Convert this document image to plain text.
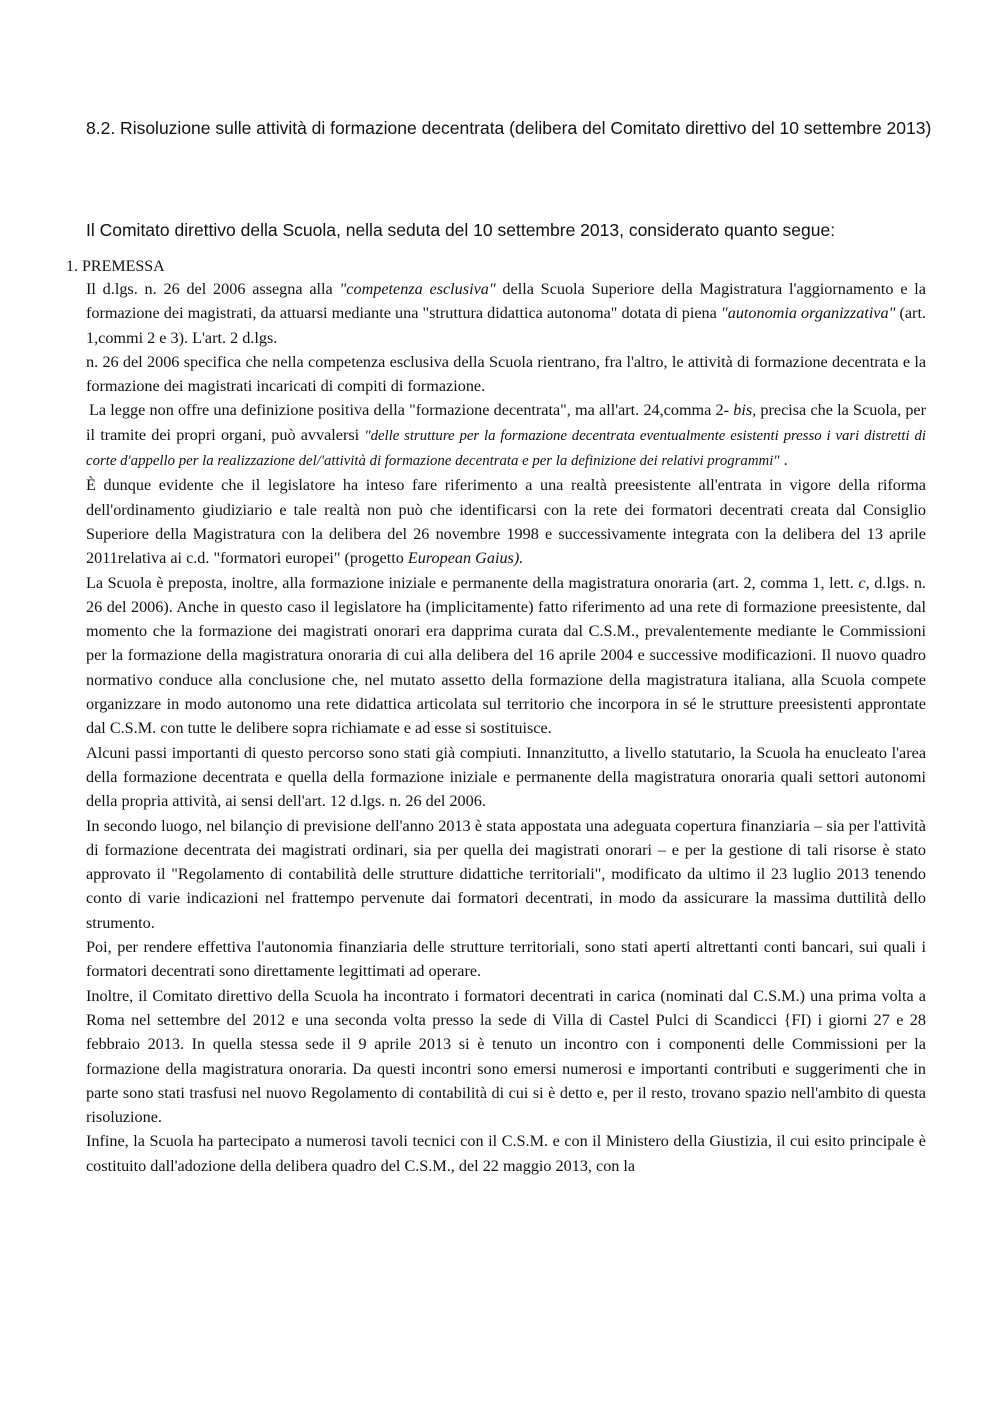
8.2. Risoluzione sulle attività di formazione decentrata (delibera del Comitato direttivo del 10 settembre 2013)
Il Comitato direttivo della Scuola, nella seduta del 10 settembre 2013, considerato quanto segue:
1. PREMESSA

Il d.lgs. n. 26 del 2006 assegna alla "competenza esclusiva" della Scuola Superiore della Magistratura l'aggiornamento e la formazione dei magistrati, da attuarsi mediante una "struttura didattica autonoma" dotata di piena "autonomia organizzativa" (art. 1,commi 2 e 3). L'art. 2 d.lgs.

n. 26 del 2006 specifica che nella competenza esclusiva della Scuola rientrano, fra l'altro, le attività di formazione decentrata e la formazione dei magistrati incaricati di compiti di formazione.

La legge non offre una definizione positiva della "formazione decentrata", ma all'art. 24,comma 2- bis, precisa che la Scuola, per il tramite dei propri organi, può avvalersi "delle strutture per la formazione decentrata eventualmente esistenti presso i vari distretti di corte d'appello per la realizzazione del/'attività di formazione decentrata e per la definizione dei relativi programmi" .

È dunque evidente che il legislatore ha inteso fare riferimento a una realtà preesistente all'entrata in vigore della riforma dell'ordinamento giudiziario e tale realtà non può che identificarsi con la rete dei formatori decentrati creata dal Consiglio Superiore della Magistratura con la delibera del 26 novembre 1998 e successivamente integrata con la delibera del 13 aprile 2011relativa ai c.d. "formatori europei" (progetto European Gaius).

La Scuola è preposta, inoltre, alla formazione iniziale e permanente della magistratura onoraria (art. 2, comma 1, lett. c, d.lgs. n. 26 del 2006). Anche in questo caso il legislatore ha (implicitamente) fatto riferimento ad una rete di formazione preesistente, dal momento che la formazione dei magistrati onorari era dapprima curata dal C.S.M., prevalentemente mediante le Commissioni per la formazione della magistratura onoraria di cui alla delibera del 16 aprile 2004 e successive modificazioni. Il nuovo quadro normativo conduce alla conclusione che, nel mutato assetto della formazione della magistratura italiana, alla Scuola compete organizzare in modo autonomo una rete didattica articolata sul territorio che incorpora in sé le strutture preesistenti approntate dal C.S.M. con tutte le delibere sopra richiamate e ad esse si sostituisce.

Alcuni passi importanti di questo percorso sono stati già compiuti. Innanzitutto, a livello statutario, la Scuola ha enucleato l'area della formazione decentrata e quella della formazione iniziale e permanente della magistratura onoraria quali settori autonomi della propria attività, ai sensi dell'art. 12 d.lgs. n. 26 del 2006.

In secondo luogo, nel bilançio di previsione dell'anno 2013 è stata appostata una adeguata copertura finanziaria – sia per l'attività di formazione decentrata dei magistrati ordinari, sia per quella dei magistrati onorari – e per la gestione di tali risorse è stato approvato il "Regolamento di contabilità delle strutture didattiche territoriali", modificato da ultimo il 23 luglio 2013 tenendo conto di varie indicazioni nel frattempo pervenute dai formatori decentrati, in modo da assicurare la massima duttilità dello strumento.

Poi, per rendere effettiva l'autonomia finanziaria delle strutture territoriali, sono stati aperti altrettanti conti bancari, sui quali i formatori decentrati sono direttamente legittimati ad operare.

Inoltre, il Comitato direttivo della Scuola ha incontrato i formatori decentrati in carica (nominati dal C.S.M.) una prima volta a Roma nel settembre del 2012 e una seconda volta presso la sede di Villa di Castel Pulci di Scandicci {FI) i giorni 27 e 28 febbraio 2013. In quella stessa sede il 9 aprile 2013 si è tenuto un incontro con i componenti delle Commissioni per la formazione della magistratura onoraria. Da questi incontri sono emersi numerosi e importanti contributi e suggerimenti che in parte sono stati trasfusi nel nuovo Regolamento di contabilità di cui si è detto e, per il resto, trovano spazio nell'ambito di questa risoluzione.

Infine, la Scuola ha partecipato a numerosi tavoli tecnici con il C.S.M. e con il Ministero della Giustizia, il cui esito principale è costituito dall'adozione della delibera quadro del C.S.M., del 22 maggio 2013, con la
